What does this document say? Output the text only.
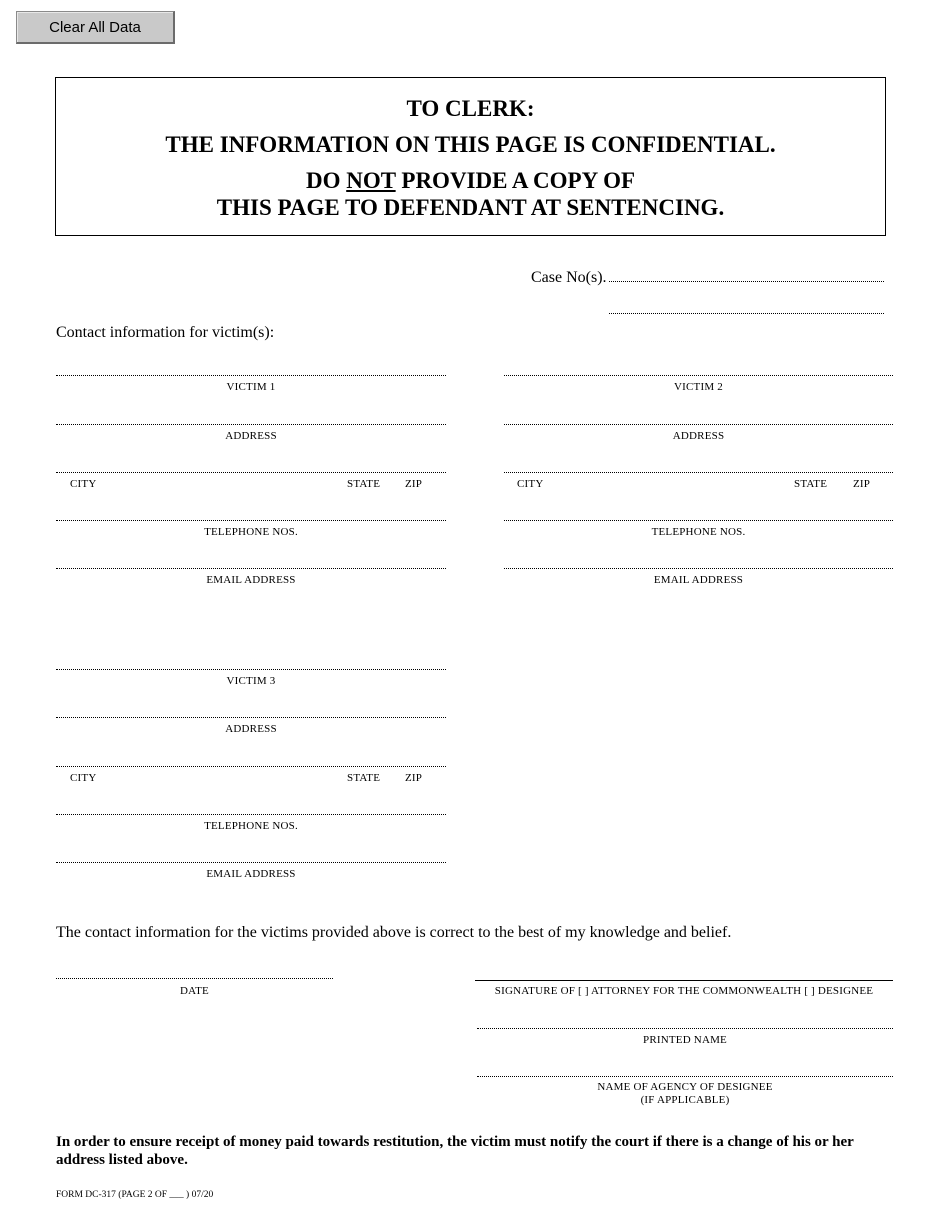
Clear All Data
TO CLERK:
THE INFORMATION ON THIS PAGE IS CONFIDENTIAL.
DO NOT PROVIDE A COPY OF
THIS PAGE TO DEFENDANT AT SENTENCING.
Case No(s).
Contact information for victim(s):
VICTIM 1
ADDRESS
CITY	STATE ZIP
TELEPHONE NOS.
EMAIL ADDRESS
VICTIM 2
ADDRESS
CITY	STATE ZIP
TELEPHONE NOS.
EMAIL ADDRESS
VICTIM 3
ADDRESS
CITY	STATE ZIP
TELEPHONE NOS.
EMAIL ADDRESS
The contact information for the victims provided above is correct to the best of my knowledge and belief.
DATE	SIGNATURE OF [ ] ATTORNEY FOR THE COMMONWEALTH [ ] DESIGNEE
PRINTED NAME
NAME OF AGENCY OF DESIGNEE
(IF APPLICABLE)
In order to ensure receipt of money paid towards restitution, the victim must notify the court if there is a change of his or her address listed above.
FORM DC-317 (PAGE 2 OF ___ ) 07/20
